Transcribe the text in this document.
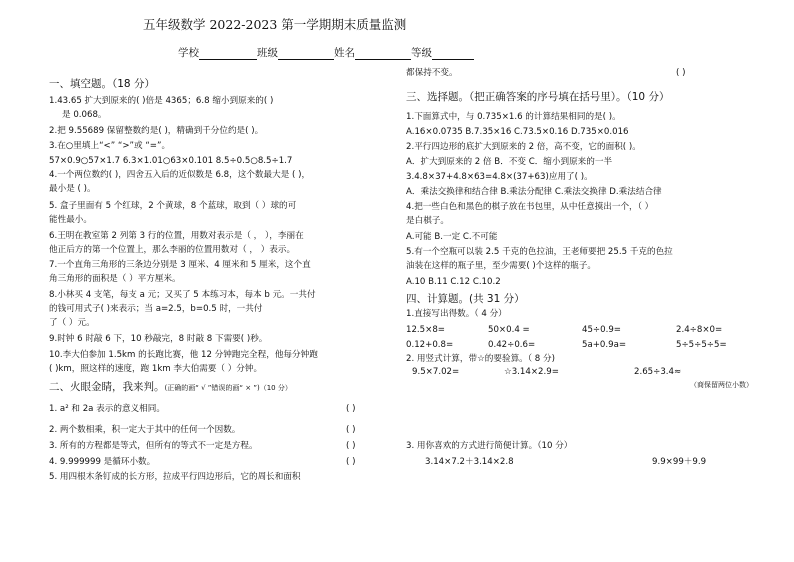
五年级数学 2022-2023 第一学期期末质量监测
学校	班级	姓名	等级
一、填空题。（18 分）
1.43.65 扩大到原来的( )倍是 4365；6.8 缩小到原来的( )
是 0.068。
2.把 9.55689 保留整数约是( )，精确到千分位约是( )。
3.在○里填上“<” “>”或 “=”。
57×0.9○57×1.7 6.3×1.01○63×0.101 8.5÷0.5○8.5÷1.7
4.一个两位数约( )，四舍五入后的近似数是 6.8，这个数最大是 ( )，
最小是 ( )。
5. 盒子里面有 5 个红球，2 个黄球，8 个蓝球，取到（ ）球的可
能性最小。
6.王明在教室第 2 列第 3 行的位置，用数对表示是（ ， ），李丽在
他正后方的第一个位置上，那么李丽的位置用数对（ ， ）表示。
7.一个直角三角形的三条边分别是 3 厘米、4 厘米和 5 厘米，这个直
角三角形的面积是（ ）平方厘米。
8.小林买 4 支笔，每支 a 元；又买了 5 本练习本，每本 b 元。一共付
的钱可用式子( )来表示；当 a=2.5，b=0.5 时，一共付
了（ ）元。
9.时钟 6 时敲 6 下，10 秒敲完，8 时敲 8 下需要( )秒。
10.李大伯参加 1.5km 的长跑比赛，他 12 分钟跑完全程，他每分钟跑
( )km，照这样的速度，跑 1km 李大伯需要（ ）分钟。
二、火眼金睛，我来判。(正确的画“ √ ”错误的画“ × ”)（10 分）
1. a² 和 2a 表示的意义相同。	( )
2. 两个数相乘，积一定大于其中的任何一个因数。	( )
3. 所有的方程都是等式，但所有的等式不一定是方程。	( )
4. 9.999999 是循环小数。	( )
5. 用四根木条钉成的长方形，拉成平行四边形后，它的周长和面积
都保持不变。	( )
三、选择题。（把正确答案的序号填在括号里）。（10 分）
1.下面算式中，与 0.735×1.6 的计算结果相同的是( )。
A.16×0.0735 B.7.35×16 C.73.5×0.16 D.735×0.016
2.平行四边形的底扩大到原来的 2 倍，高不变，它的面积( )。
A．扩大到原来的 2 倍 B．不变 C．缩小到原来的一半
3.4.8×37+4.8×63=4.8×(37+63)应用了( )。
A．乘法交换律和结合律 B.乘法分配律 C.乘法交换律 D.乘法结合律
4.把一些白色和黑色的棋子放在书包里，从中任意摸出一个，（ ）
是白棋子。
A.可能 B.一定 C.不可能
5.有一个空瓶可以装 2.5 千克的色拉油，王老师要把 25.5 千克的色拉
油装在这样的瓶子里，至少需要( )个这样的瓶子。
A.10 B.11 C.12 C.10.2
四、计算题。(共 31 分）
1.直接写出得数。（ 4 分）
12.5×8=	50×0.4 =	45÷0.9=	2.4÷8×0=
0.12+0.8=	0.42÷0.6=	5a+0.9a=	5÷5÷5÷5=
2. 用竖式计算，带☆的要验算。（ 8 分)
9.5×7.02=	☆3.14×2.9=	2.65÷3.4≈
（商保留两位小数）
3. 用你喜欢的方式进行简便计算。（10 分）
3.14×7.2＋3.14×2.8	9.9×99＋9.9
